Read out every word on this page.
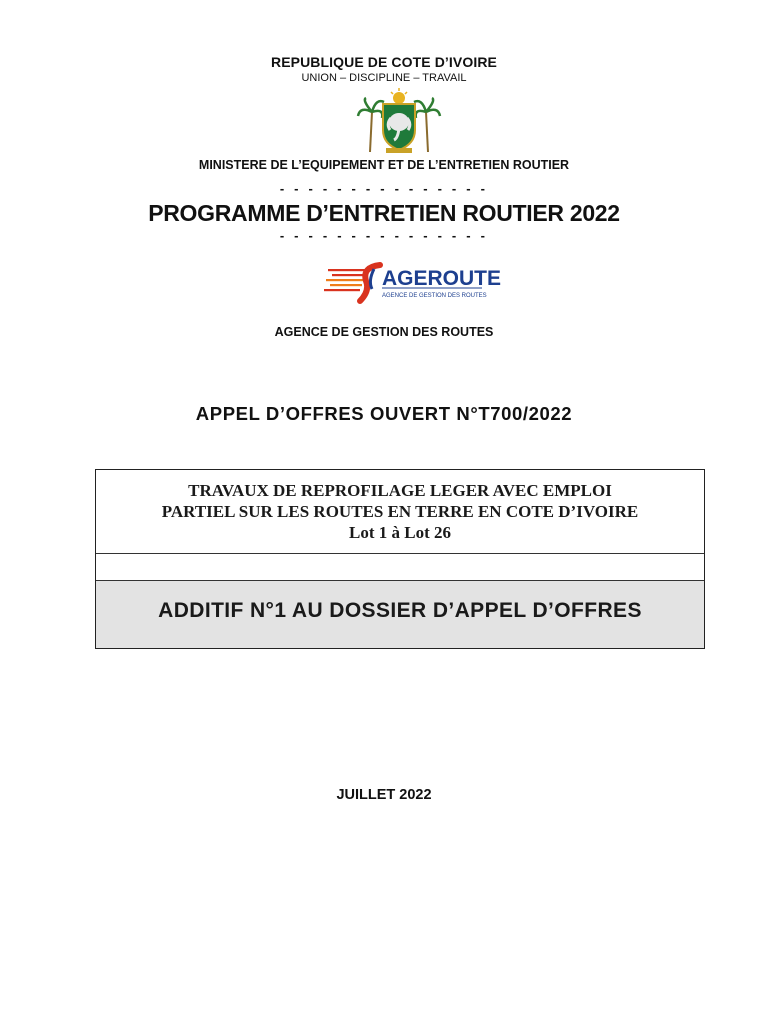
REPUBLIQUE DE COTE D’IVOIRE
UNION – DISCIPLINE – TRAVAIL
MINISTERE DE L’EQUIPEMENT ET DE L’ENTRETIEN ROUTIER
- - - - - - - - - - - - - - -
PROGRAMME D’ENTRETIEN ROUTIER 2022
- - - - - - - - - - - - - - -
AGEROUTE
AGENCE DE GESTION DES ROUTES
AGENCE DE GESTION DES ROUTES
APPEL D’OFFRES OUVERT N°T700/2022
TRAVAUX DE REPROFILAGE LEGER AVEC EMPLOI
PARTIEL SUR LES ROUTES EN TERRE EN COTE D’IVOIRE
Lot 1 à Lot 26
ADDITIF N°1 AU DOSSIER D’APPEL D’OFFRES
JUILLET 2022
